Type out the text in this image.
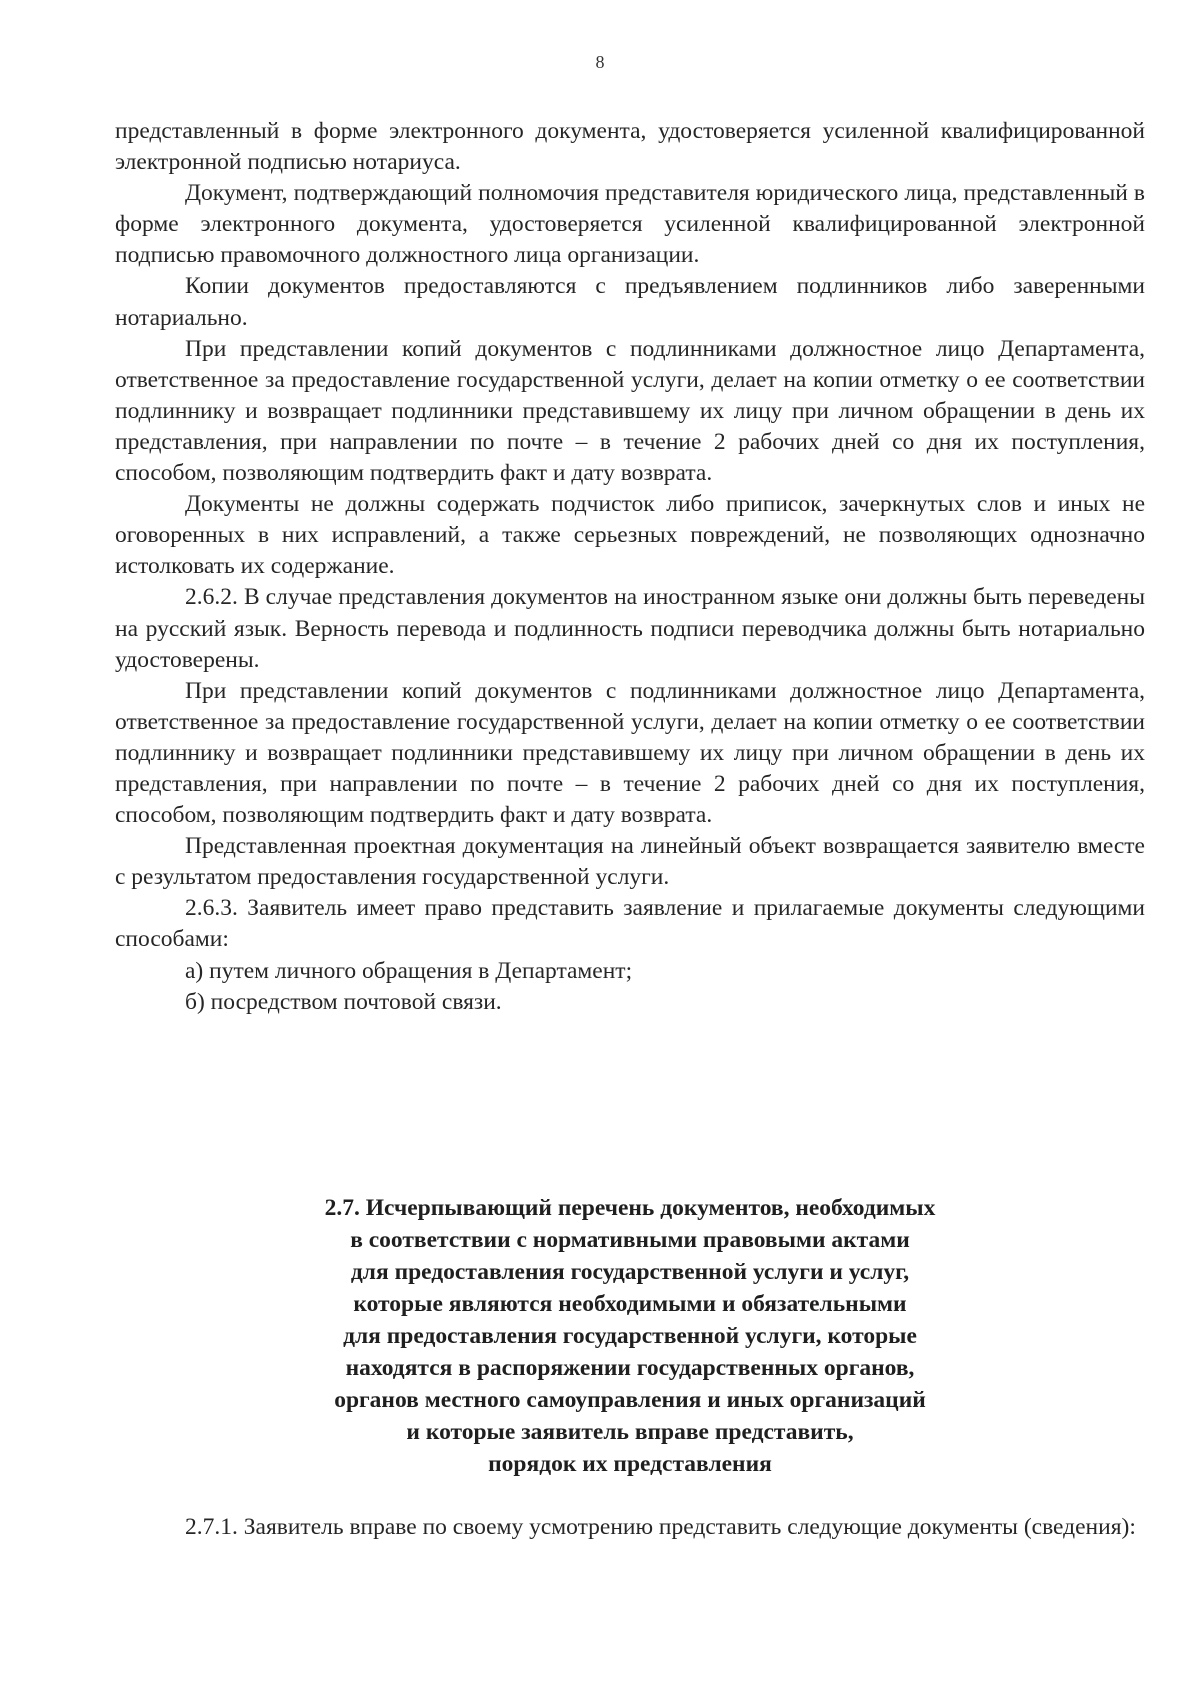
8

представленный в форме электронного документа, удостоверяется усиленной квалифицированной электронной подписью нотариуса.

Документ, подтверждающий полномочия представителя юридического лица, представленный в форме электронного документа, удостоверяется усиленной квалифицированной электронной подписью правомочного должностного лица организации.

Копии документов предоставляются с предъявлением подлинников либо заверенными нотариально.

При представлении копий документов с подлинниками должностное лицо Департамента, ответственное за предоставление государственной услуги, делает на копии отметку о ее соответствии подлиннику и возвращает подлинники представившему их лицу при личном обращении в день их представления, при направлении по почте – в течение 2 рабочих дней со дня их поступления, способом, позволяющим подтвердить факт и дату возврата.

Документы не должны содержать подчисток либо приписок, зачеркнутых слов и иных не оговоренных в них исправлений, а также серьезных повреждений, не позволяющих однозначно истолковать их содержание.

2.6.2. В случае представления документов на иностранном языке они должны быть переведены на русский язык. Верность перевода и подлинность подписи переводчика должны быть нотариально удостоверены.

При представлении копий документов с подлинниками должностное лицо Департамента, ответственное за предоставление государственной услуги, делает на копии отметку о ее соответствии подлиннику и возвращает подлинники представившему их лицу при личном обращении в день их представления, при направлении по почте – в течение 2 рабочих дней со дня их поступления, способом, позволяющим подтвердить факт и дату возврата.

Представленная проектная документация на линейный объект возвращается заявителю вместе с результатом предоставления государственной услуги.

2.6.3. Заявитель имеет право представить заявление и прилагаемые документы следующими способами:

а) путем личного обращения в Департамент;

б) посредством почтовой связи.

2.7. Исчерпывающий перечень документов, необходимых
в соответствии с нормативными правовыми актами
для предоставления государственной услуги и услуг,
которые являются необходимыми и обязательными
для предоставления государственной услуги, которые
находятся в распоряжении государственных органов,
органов местного самоуправления и иных организаций
и которые заявитель вправе представить,
порядок их представления

2.7.1. Заявитель вправе по своему усмотрению представить следующие документы (сведения):
